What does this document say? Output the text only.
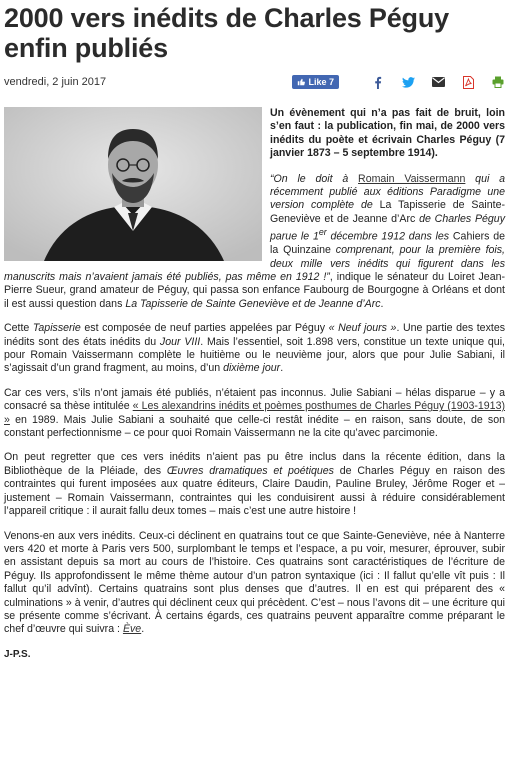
2000 vers inédits de Charles Péguy
enfin publiés
vendredi, 2 juin 2017	Like 7
Un évènement qui n’a pas fait de bruit, loin s’en faut : la publication, fin mai, de 2000 vers inédits du poète et écrivain Charles Péguy (7 janvier 1873 – 5 septembre 1914).
“On le doit à Romain Vaissermann qui a récemment publié aux éditions Paradigme une version complète de La Tapisserie de Sainte-Geneviève et de Jeanne d’Arc de Charles Péguy parue le 1er décembre 1912 dans les Cahiers de la Quinzaine comprenant, pour la première fois, deux mille vers inédits qui figurent dans les manuscrits mais n’avaient jamais été publiés, pas même en 1912 !”, indique le sénateur du Loiret Jean-Pierre Sueur, grand amateur de Péguy, qui passa son enfance Faubourg de Bourgogne à Orléans et dont il est aussi question dans La Tapisserie de Sainte Geneviève et de Jeanne d’Arc.

Cette Tapisserie est composée de neuf parties appelées par Péguy « Neuf jours ». Une partie des textes inédits sont des états inédits du Jour VIII. Mais l’essentiel, soit 1.898 vers, constitue un texte unique qui, pour Romain Vaissermann complète le huitième ou le neuvième jour, alors que pour Julie Sabiani, il s’agissait d’un grand fragment, au moins, d’un dixième jour.

Car ces vers, s’ils n’ont jamais été publiés, n’étaient pas inconnus. Julie Sabiani – hélas disparue – y a consacré sa thèse intitulée « Les alexandrins inédits et poèmes posthumes de Charles Péguy (1903-1913) » en 1989. Mais Julie Sabiani a souhaité que celle-ci restât inédite – en raison, sans doute, de son constant perfectionnisme – ce pour quoi Romain Vaissermann ne la cite qu’avec parcimonie.

On peut regretter que ces vers inédits n’aient pas pu être inclus dans la récente édition, dans la Bibliothèque de la Pléiade, des Œuvres dramatiques et poétiques de Charles Péguy en raison des contraintes qui furent imposées aux quatre éditeurs, Claire Daudin, Pauline Bruley, Jérôme Roger et – justement – Romain Vaissermann, contraintes qui les conduisirent aussi à réduire considérablement l’appareil critique : il aurait fallu deux tomes – mais c’est une autre histoire !

Venons-en aux vers inédits. Ceux-ci déclinent en quatrains tout ce que Sainte-Geneviève, née à Nanterre vers 420 et morte à Paris vers 500, surplombant le temps et l’espace, a pu voir, mesurer, éprouver, subir en assistant depuis sa mort au cours de l’histoire. Ces quatrains sont caractéristiques de l’écriture de Péguy. Ils approfondissent le même thème autour d’un patron syntaxique (ici : Il fallut qu’elle vît puis : Il fallut qu’il advînt). Certains quatrains sont plus denses que d’autres. Il en est qui préparent des « culminations » à venir, d’autres qui déclinent ceux qui précèdent. C’est – nous l’avons dit – une écriture qui se présente comme s’écrivant. À certains égards, ces quatrains peuvent apparaître comme préparant le chef d’œuvre qui suivra : Ève.

J-P.S.
